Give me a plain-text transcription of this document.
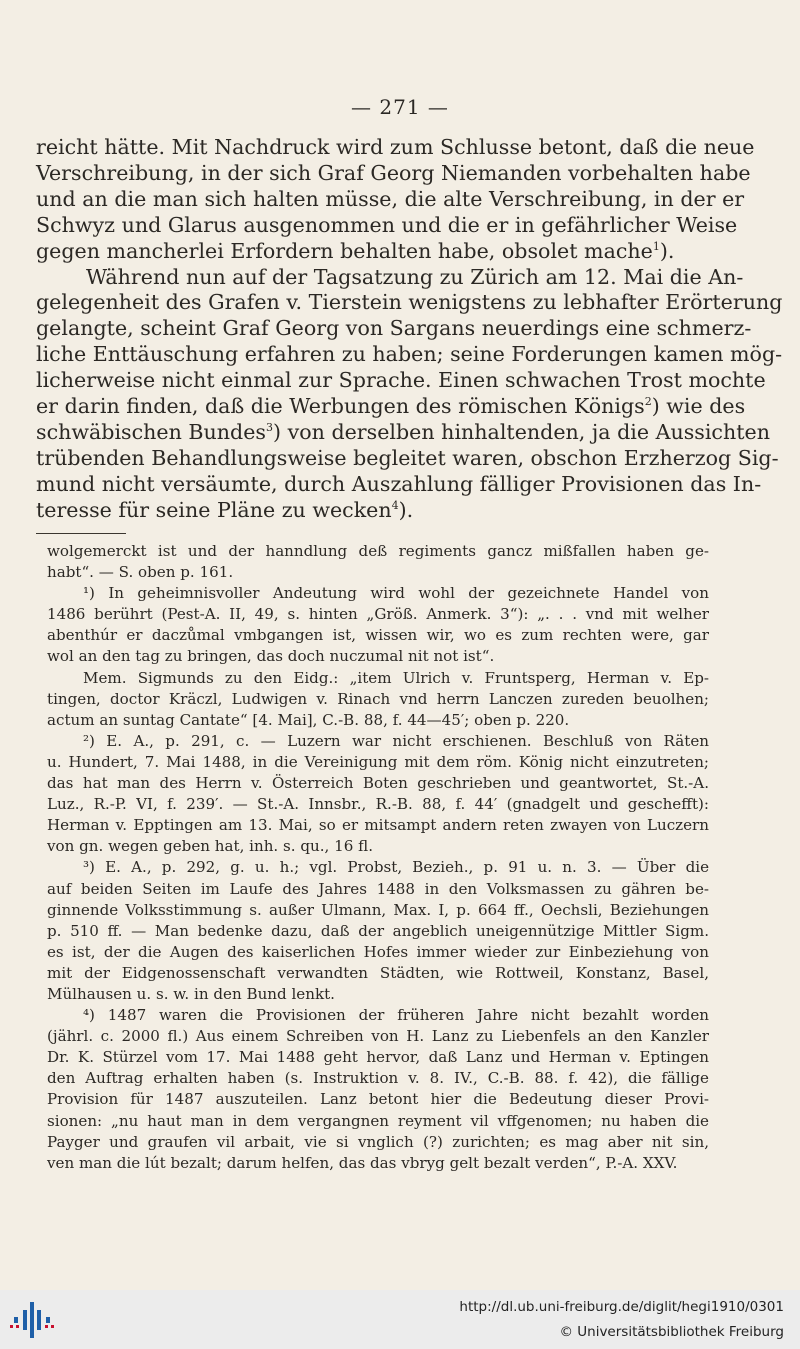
— 271 —
reicht hätte. Mit Nachdruck wird zum Schlusse betont, daß die neue
Verschreibung, in der sich Graf Georg Niemanden vorbehalten habe
und an die man sich halten müsse, die alte Verschreibung, in der er
Schwyz und Glarus ausgenommen und die er in gefährlicher Weise
gegen mancherlei Erfordern behalten habe, obsolet mache$^1$).
Während nun auf der Tagsatzung zu Zürich am 12. Mai die An-
gelegenheit des Grafen v. Tierstein wenigstens zu lebhafter Erörterung
gelangte, scheint Graf Georg von Sargans neuerdings eine schmerz-
liche Enttäuschung erfahren zu haben; seine Forderungen kamen mög-
licherweise nicht einmal zur Sprache. Einen schwachen Trost mochte
er darin finden, daß die Werbungen des römischen Königs$^2$) wie des
schwäbischen Bundes$^3$) von derselben hinhaltenden, ja die Aussichten
trübenden Behandlungsweise begleitet waren, obschon Erzherzog Sig-
mund nicht versäumte, durch Auszahlung fälliger Provisionen das In-
teresse für seine Pläne zu wecken$^4$).
wolgemerckt ist und der hanndlung deß regiments gancz mißfallen haben ge-
habt“. — S. oben p. 161.
¹) In geheimnisvoller Andeutung wird wohl der gezeichnete Handel von
1486 berührt (Pest-A. II, 49, s. hinten „Größ. Anmerk. 3“): „. . . vnd mit welher
abenthúr er daczůmal vmbgangen ist, wissen wir, wo es zum rechten were, gar
wol an den tag zu bringen, das doch nuczumal nit not ist“.
Mem. Sigmunds zu den Eidg.: „item Ulrich v. Fruntsperg, Herman v. Ep-
tingen, doctor Kräczl, Ludwigen v. Rinach vnd herrn Lanczen zureden beuolhen;
actum an suntag Cantate“ [4. Mai], C.-B. 88, f. 44—45′; oben p. 220.
²) E. A., p. 291, c. — Luzern war nicht erschienen. Beschluß von Räten
u. Hundert, 7. Mai 1488, in die Vereinigung mit dem röm. König nicht einzutreten;
das hat man des Herrn v. Österreich Boten geschrieben und geantwortet, St.-A.
Luz., R.-P. VI, f. 239′. — St.-A. Innsbr., R.-B. 88, f. 44′ (gnadgelt und geschefft):
Herman v. Epptingen am 13. Mai, so er mitsampt andern reten zwayen von Luczern
von gn. wegen geben hat, inh. s. qu., 16 fl.
³) E. A., p. 292, g. u. h.; vgl. Probst, Bezieh., p. 91 u. n. 3. — Über die
auf beiden Seiten im Laufe des Jahres 1488 in den Volksmassen zu gähren be-
ginnende Volksstimmung s. außer Ulmann, Max. I, p. 664 ff., Oechsli, Beziehungen
p. 510 ff. — Man bedenke dazu, daß der angeblich uneigennützige Mittler Sigm.
es ist, der die Augen des kaiserlichen Hofes immer wieder zur Einbeziehung von
mit der Eidgenossenschaft verwandten Städten, wie Rottweil, Konstanz, Basel,
Mülhausen u. s. w. in den Bund lenkt.
⁴) 1487 waren die Provisionen der früheren Jahre nicht bezahlt worden
(jährl. c. 2000 fl.) Aus einem Schreiben von H. Lanz zu Liebenfels an den Kanzler
Dr. K. Stürzel vom 17. Mai 1488 geht hervor, daß Lanz und Herman v. Eptingen
den Auftrag erhalten haben (s. Instruktion v. 8. IV., C.-B. 88. f. 42), die fällige
Provision für 1487 auszuteilen. Lanz betont hier die Bedeutung dieser Provi-
sionen: „nu haut man in dem vergangnen reyment vil vffgenomen; nu haben die
Payger und graufen vil arbait, vie si vnglich (?) zurichten; es mag aber nit sin,
ven man die lút bezalt; darum helfen, das das vbryg gelt bezalt verden“, P.-A. XXV.
http://dl.ub.uni-freiburg.de/diglit/hegi1910/0301
© Universitätsbibliothek Freiburg
